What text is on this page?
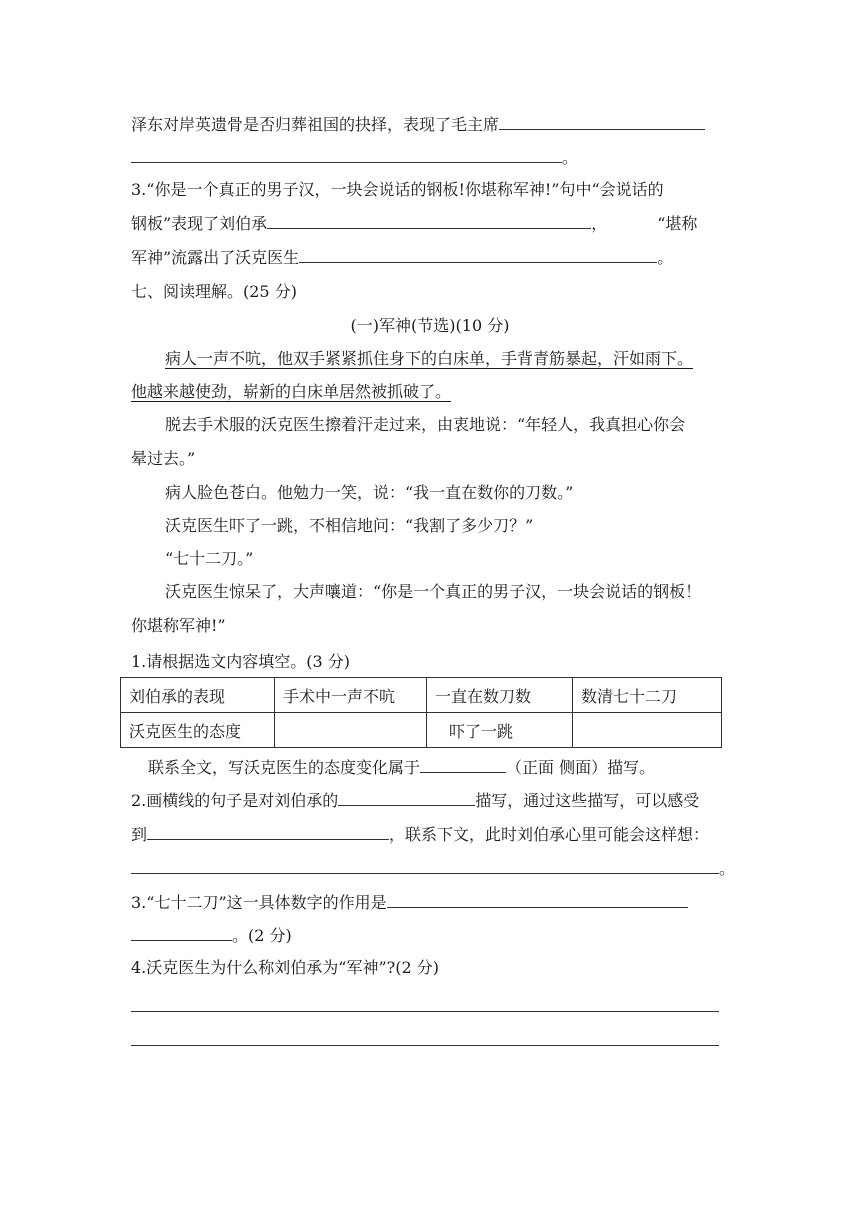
泽东对岸英遗骨是否归葬祖国的抉择，表现了毛主席
。
3.“你是一个真正的男子汉，一块会说话的钢板!你堪称军神!”句中“会说话的
钢板”表现了刘伯承	，	“堪称
军神”流露出了沃克医生	。
七、阅读理解。(25 分)
(一)军神(节选)(10 分)
病人一声不吭，他双手紧紧抓住身下的白床单，手背青筋暴起，汗如雨下。
他越来越使劲，崭新的白床单居然被抓破了。
脱去手术服的沃克医生擦着汗走过来，由衷地说：“年轻人，我真担心你会
晕过去。”
病人脸色苍白。他勉力一笑，说：“我一直在数你的刀数。”
沃克医生吓了一跳，不相信地问：“我割了多少刀？”
“七十二刀。”
沃克医生惊呆了，大声嚷道：“你是一个真正的男子汉，一块会说话的钢板！
你堪称军神!”
1.请根据选文内容填空。(3 分)
刘伯承的表现	手术中一声不吭	一直在数刀数	数清七十二刀
沃克医生的态度		吓了一跳	
联系全文，写沃克医生的态度变化属于	（正面 侧面）描写。
2.画横线的句子是对刘伯承的	描写，通过这些描写，可以感受
到	，联系下文，此时刘伯承心里可能会这样想：
。
3.“七十二刀”这一具体数字的作用是
。(2 分)
4.沃克医生为什么称刘伯承为“军神”?(2 分)
